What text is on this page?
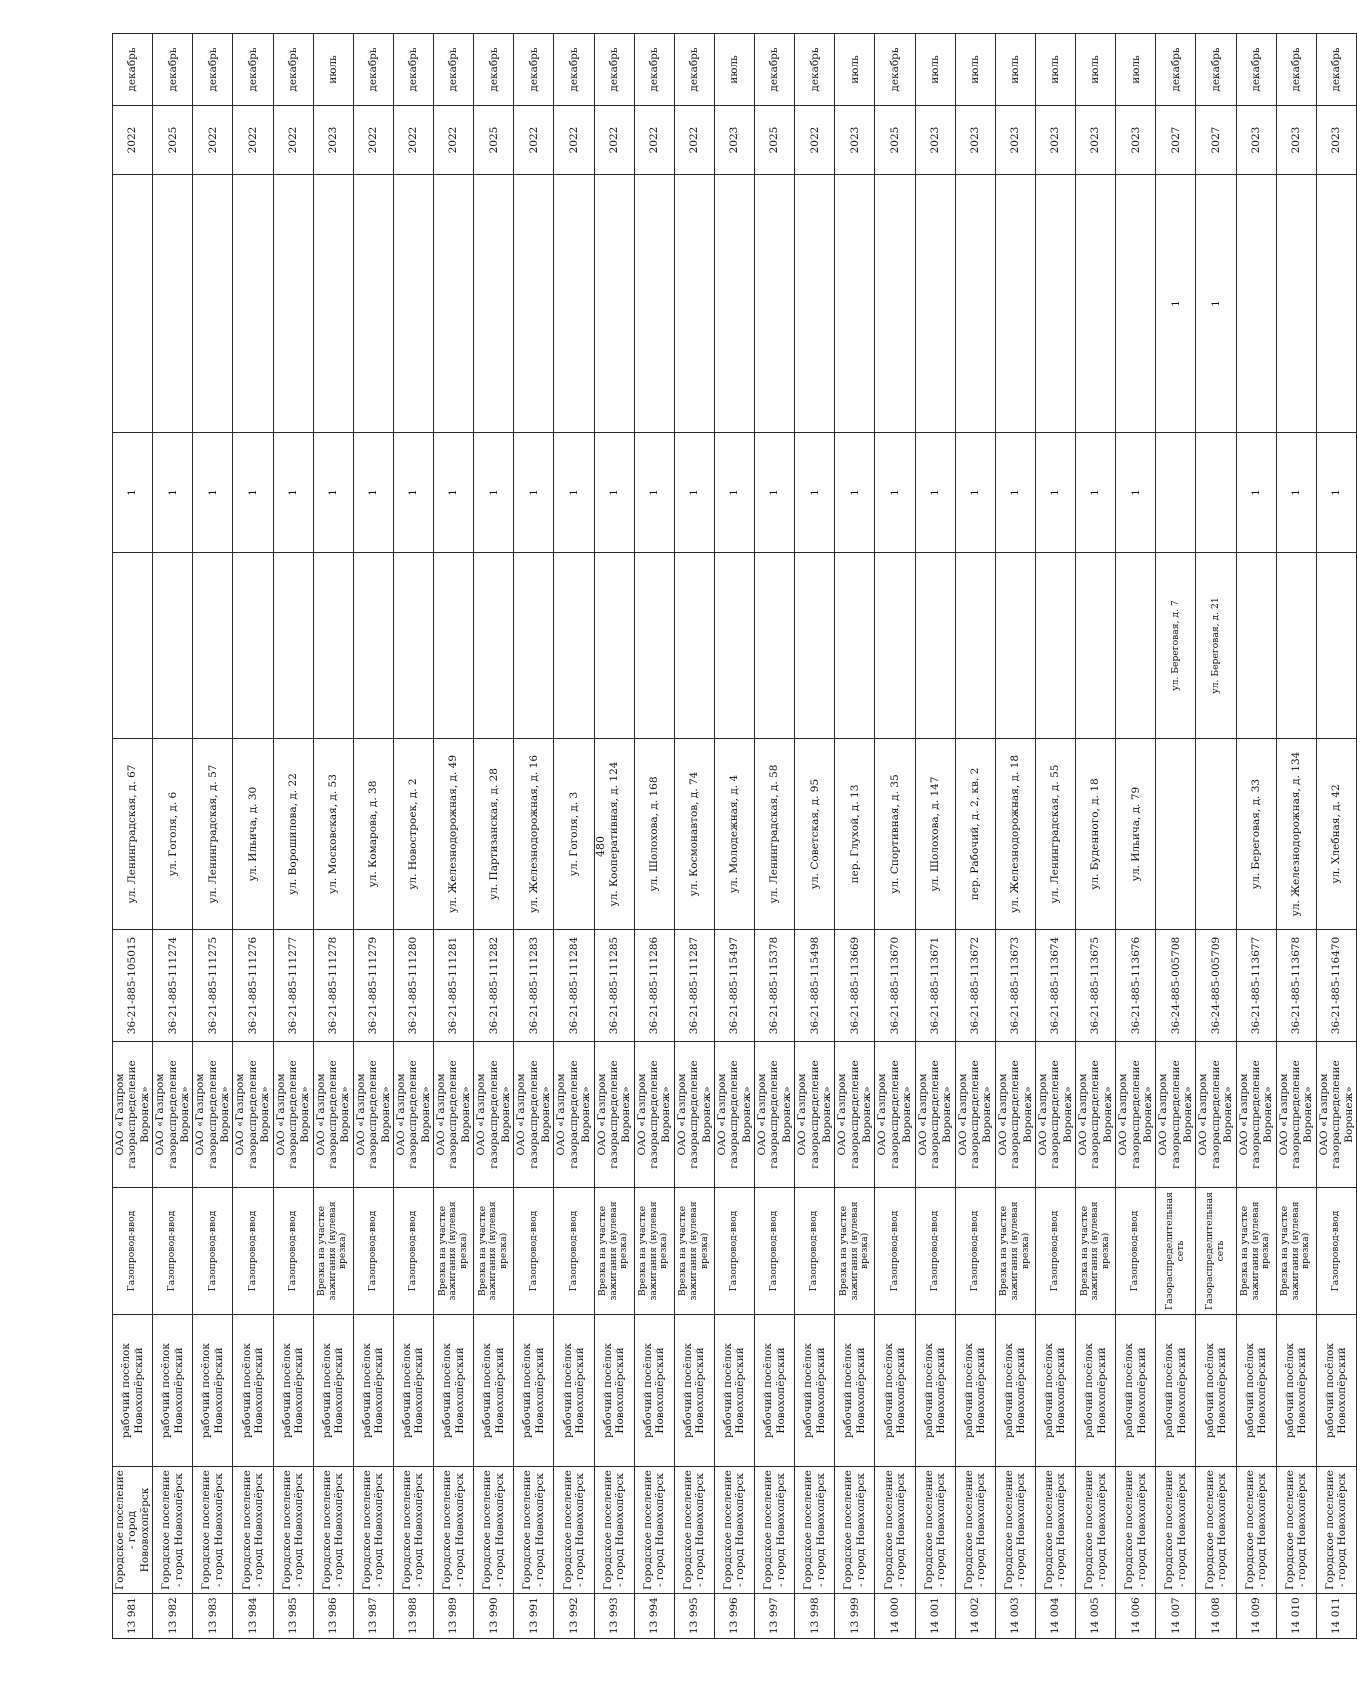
480
13 981	Городское поселение - город Нововохопёрск	рабочий посёлок Новохопёрский	Газопровод-ввод	ОАО «Газпром газораспределение Воронеж»	36-21-885-105015	ул. Ленинградская, д. 67		1		2022	декабрь
13 982	Городское поселение - город Новохопёрск	рабочий посёлок Новохопёрский	Газопровод-ввод	ОАО «Газпром газораспределение Воронеж»	36-21-885-111274	ул. Гоголя, д. 6		1		2025	декабрь
13 983	Городское поселение - город Новохопёрск	рабочий посёлок Новохопёрский	Газопровод-ввод	ОАО «Газпром газораспределение Воронеж»	36-21-885-111275	ул. Ленинградская, д. 57		1		2022	декабрь
13 984	Городское поселение - город Новохопёрск	рабочий посёлок Новохопёрский	Газопровод-ввод	ОАО «Газпром газораспределение Воронеж»	36-21-885-111276	ул. Ильича, д. 30		1		2022	декабрь
13 985	Городское поселение - город Новохопёрск	рабочий посёлок Новохопёрский	Газопровод-ввод	ОАО «Газпром газораспределение Воронеж»	36-21-885-111277	ул. Ворошилова, д. 22		1		2022	декабрь
13 986	Городское поселение - город Новохопёрск	рабочий посёлок Новохопёрский	Врезка на участке зажигания (нулевая врезка)	ОАО «Газпром газораспределение Воронеж»	36-21-885-111278	ул. Московская, д. 53		1		2023	июль
13 987	Городское поселение - город Новохопёрск	рабочий посёлок Новохопёрский	Газопровод-ввод	ОАО «Газпром газораспределение Воронеж»	36-21-885-111279	ул. Комарова, д. 38		1		2022	декабрь
13 988	Городское поселение - город Новохопёрск	рабочий посёлок Новохопёрский	Газопровод-ввод	ОАО «Газпром газораспределение Воронеж»	36-21-885-111280	ул. Новостроек, д. 2		1		2022	декабрь
13 989	Городское поселение - город Новохопёрск	рабочий посёлок Новохопёрский	Врезка на участке зажигания (нулевая врезка)	ОАО «Газпром газораспределение Воронеж»	36-21-885-111281	ул. Железнодорожная, д. 49		1		2022	декабрь
13 990	Городское поселение - город Новохопёрск	рабочий посёлок Новохопёрский	Врезка на участке зажигания (нулевая врезка)	ОАО «Газпром газораспределение Воронеж»	36-21-885-111282	ул. Партизанская, д. 28		1		2025	декабрь
13 991	Городское поселение - город Новохопёрск	рабочий посёлок Новохопёрский	Газопровод-ввод	ОАО «Газпром газораспределение Воронеж»	36-21-885-111283	ул. Железнодорожная, д. 16		1		2022	декабрь
13 992	Городское поселение - город Новохопёрск	рабочий посёлок Новохопёрский	Газопровод-ввод	ОАО «Газпром газораспределение Воронеж»	36-21-885-111284	ул. Гоголя, д. 3		1		2022	декабрь
13 993	Городское поселение - город Новохопёрск	рабочий посёлок Новохопёрский	Врезка на участке зажигания (нулевая врезка)	ОАО «Газпром газораспределение Воронеж»	36-21-885-111285	ул. Кооперативная, д. 124		1		2022	декабрь
13 994	Городское поселение - город Новохопёрск	рабочий посёлок Новохопёрский	Врезка на участке зажигания (нулевая врезка)	ОАО «Газпром газораспределение Воронеж»	36-21-885-111286	ул. Шолохова, д. 168		1		2022	декабрь
13 995	Городское поселение - город Новохопёрск	рабочий посёлок Новохопёрский	Врезка на участке зажигания (нулевая врезка)	ОАО «Газпром газораспределение Воронеж»	36-21-885-111287	ул. Космонавтов, д. 74		1		2022	декабрь
13 996	Городское поселение - город Новохопёрск	рабочий посёлок Новохопёрский	Газопровод-ввод	ОАО «Газпром газораспределение Воронеж»	36-21-885-115497	ул. Молодежная, д. 4		1		2023	июль
13 997	Городское поселение - город Новохопёрск	рабочий посёлок Новохопёрский	Газопровод-ввод	ОАО «Газпром газораспределение Воронеж»	36-21-885-115378	ул. Ленинградская, д. 58		1		2025	декабрь
13 998	Городское поселение - город Новохопёрск	рабочий посёлок Новохопёрский	Газопровод-ввод	ОАО «Газпром газораспределение Воронеж»	36-21-885-115498	ул. Советская, д. 95		1		2022	декабрь
13 999	Городское поселение - город Новохопёрск	рабочий посёлок Новохопёрский	Врезка на участке зажигания (нулевая врезка)	ОАО «Газпром газораспределение Воронеж»	36-21-885-113669	пер. Глухой, д. 13		1		2023	июль
14 000	Городское поселение - город Новохопёрск	рабочий посёлок Новохопёрский	Газопровод-ввод	ОАО «Газпром газораспределение Воронеж»	36-21-885-113670	ул. Спортивная, д. 35		1		2025	декабрь
14 001	Городское поселение - город Новохопёрск	рабочий посёлок Новохопёрский	Газопровод-ввод	ОАО «Газпром газораспределение Воронеж»	36-21-885-113671	ул. Шолохова, д. 147		1		2023	июль
14 002	Городское поселение - город Новохопёрск	рабочий посёлок Новохопёрский	Газопровод-ввод	ОАО «Газпром газораспределение Воронеж»	36-21-885-113672	пер. Рабочий, д. 2, кв. 2		1		2023	июль
14 003	Городское поселение - город Новохопёрск	рабочий посёлок Новохопёрский	Врезка на участке зажигания (нулевая врезка)	ОАО «Газпром газораспределение Воронеж»	36-21-885-113673	ул. Железнодорожная, д. 18		1		2023	июль
14 004	Городское поселение - город Новохопёрск	рабочий посёлок Новохопёрский	Газопровод-ввод	ОАО «Газпром газораспределение Воронеж»	36-21-885-113674	ул. Ленинградская, д. 55		1		2023	июль
14 005	Городское поселение - город Новохопёрск	рабочий посёлок Новохопёрский	Врезка на участке зажигания (нулевая врезка)	ОАО «Газпром газораспределение Воронеж»	36-21-885-113675	ул. Буденного, д. 18		1		2023	июль
14 006	Городское поселение - город Новохопёрск	рабочий посёлок Новохопёрский	Газопровод-ввод	ОАО «Газпром газораспределение Воронеж»	36-21-885-113676	ул. Ильича, д. 79		1		2023	июль
14 007	Городское поселение - город Новохопёрск	рабочий посёлок Новохопёрский	Газораспределительная сеть	ОАО «Газпром газораспределение Воронеж»	36-24-885-005708		ул. Береговая, д. 7		1	2027	декабрь
14 008	Городское поселение - город Новохопёрск	рабочий посёлок Новохопёрский	Газораспределительная сеть	ОАО «Газпром газораспределение Воронеж»	36-24-885-005709		ул. Береговая, д. 21		1	2027	декабрь
14 009	Городское поселение - город Новохопёрск	рабочий посёлок Новохопёрский	Врезка на участке зажигания (нулевая врезка)	ОАО «Газпром газораспределение Воронеж»	36-21-885-113677	ул. Береговая, д. 33		1		2023	декабрь
14 010	Городское поселение - город Новохопёрск	рабочий посёлок Новохопёрский	Врезка на участке зажигания (нулевая врезка)	ОАО «Газпром газораспределение Воронеж»	36-21-885-113678	ул. Железнодорожная, д. 134		1		2023	декабрь
14 011	Городское поселение - город Новохопёрск	рабочий посёлок Новохопёрский	Газопровод-ввод	ОАО «Газпром газораспределение Воронеж»	36-21-885-116470	ул. Хлебная, д. 42		1		2023	декабрь
